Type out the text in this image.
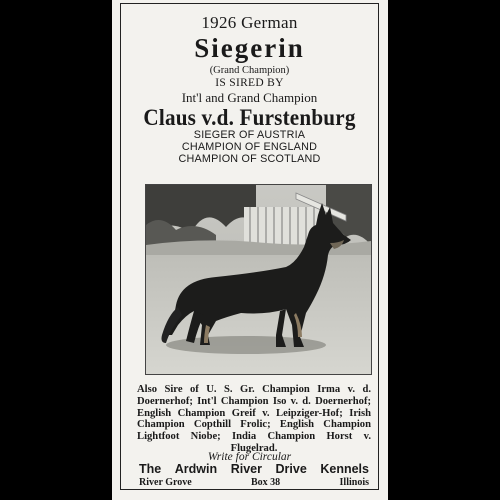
1926 German
Siegerin
(Grand Champion)
IS SIRED BY
Int'l and Grand Champion
Claus v.d. Furstenburg
SIEGER OF AUSTRIA
CHAMPION OF ENGLAND
CHAMPION OF SCOTLAND
Also Sire of U. S. Gr. Champion Irma v. d. Doernerhof; Int'l Champion Iso v. d. Doernerhof; English Champion Greif v. Leipziger-Hof; Irish Champion Copthill Frolic; English Champion Lightfoot Niobe; India Champion Horst v. Flugelrad.
Write for Circular
The Ardwin River Drive Kennels
River Grove	Box 38	Illinois
